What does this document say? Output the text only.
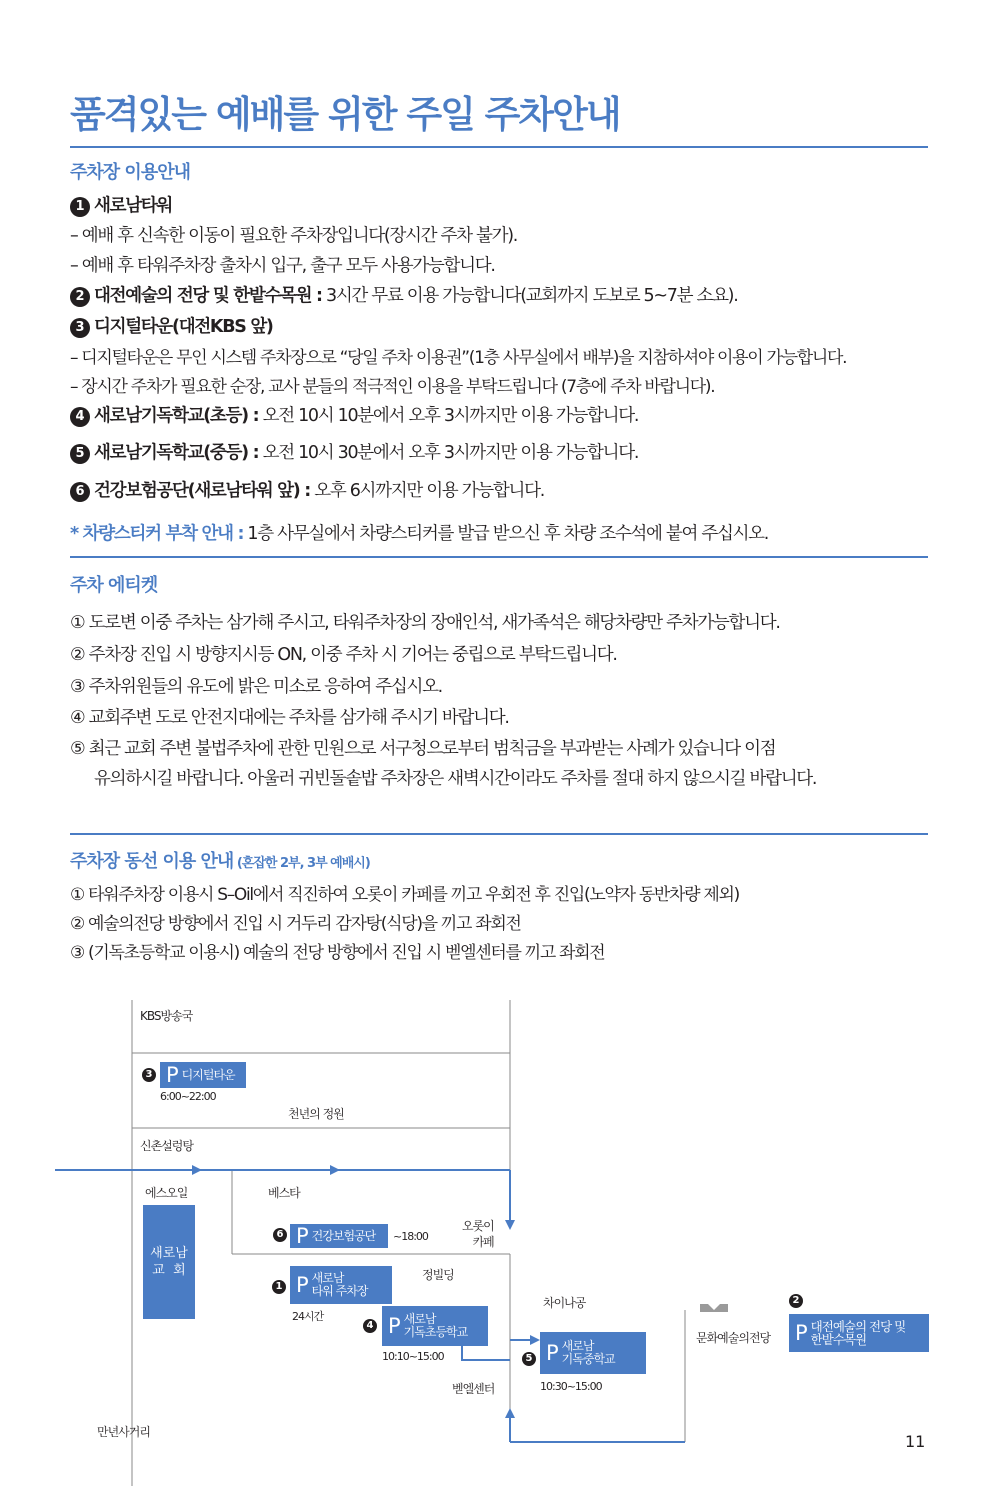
품격있는 예배를 위한 주일 주차안내
주차장 이용안내
1 새로남타워
– 예배 후 신속한 이동이 필요한 주차장입니다(장시간 주차 불가).
– 예배 후 타워주차장 출차시 입구, 출구 모두 사용가능합니다.
2 대전예술의 전당 및 한밭수목원 : 3시간 무료 이용 가능합니다(교회까지 도보로 5~7분 소요).
3 디지털타운(대전KBS 앞)
– 디지털타운은 무인 시스템 주차장으로 “당일 주차 이용권”(1층 사무실에서 배부)을 지참하셔야 이용이 가능합니다.
– 장시간 주차가 필요한 순장, 교사 분들의 적극적인 이용을 부탁드립니다 (7층에 주차 바랍니다).
4 새로남기독학교(초등) : 오전 10시 10분에서 오후 3시까지만 이용 가능합니다.
5 새로남기독학교(중등) : 오전 10시 30분에서 오후 3시까지만 이용 가능합니다.
6 건강보험공단(새로남타워 앞) : 오후 6시까지만 이용 가능합니다.
* 차량스티커 부착 안내 : 1층 사무실에서 차량스티커를 발급 받으신 후 차량 조수석에 붙여 주십시오.
주차 에티켓
① 도로변 이중 주차는 삼가해 주시고, 타워주차장의 장애인석, 새가족석은 해당차량만 주차가능합니다.
② 주차장 진입 시 방향지시등 ON, 이중 주차 시 기어는 중립으로 부탁드립니다.
③ 주차위원들의 유도에 밝은 미소로 응하여 주십시오.
④ 교회주변 도로 안전지대에는 주차를 삼가해 주시기 바랍니다.
⑤ 최근 교회 주변 불법주차에 관한 민원으로 서구청으로부터 범칙금을 부과받는 사례가 있습니다 이점
유의하시길 바랍니다. 아울러 귀빈돌솥밥 주차장은 새벽시간이라도 주차를 절대 하지 않으시길 바랍니다.
주차장 동선 이용 안내 (혼잡한 2부, 3부 예배시)
① 타워주차장 이용시 S–Oil에서 직진하여 오롯이 카페를 끼고 우회전 후 진입(노약자 동반차량 제외)
② 예술의전당 방향에서 진입 시 거두리 감자탕(식당)을 끼고 좌회전
③ (기독초등학교 이용시) 예술의 전당 방향에서 진입 시 벧엘센터를 끼고 좌회전
KBS방송국
3 P 디지털타운
6:00~22:00
천년의 정원
신촌설렁탕
에스오일	베스타
새로남
교  회
6 P 건강보험공단 ~18:00
오롯이
카페
1 P 새로남
타워 주차장
24시간
정빌딩
4 P 새로남
기독초등학교
10:10~15:00
차이나공
5 P 새로남
기독중학교
10:30~15:00
벧엘센터
문화예술의전당
2
P 대전예술의 전당 및
한밭수목원
만년사거리	11
